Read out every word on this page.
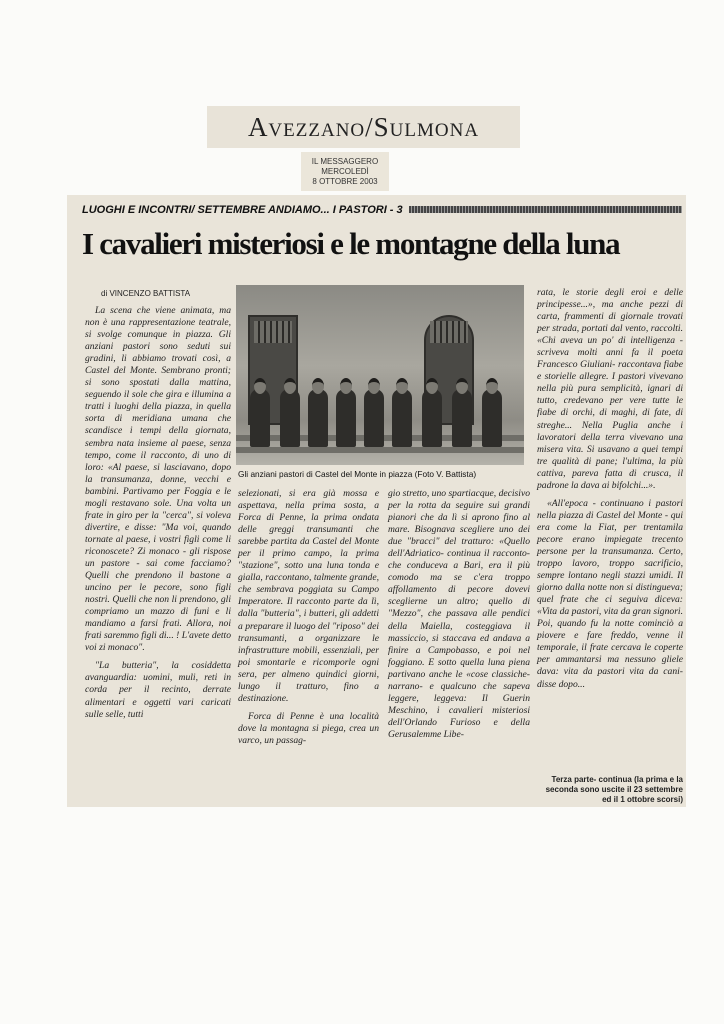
Avezzano/Sulmona
IL MESSAGGERO
MERCOLEDÌ
8 OTTOBRE 2003
LUOGHI E INCONTRI/ SETTEMBRE ANDIAMO... I PASTORI - 3
I cavalieri misteriosi e le montagne della luna
di VINCENZO BATTISTA

La scena che viene animata, ma non è una rappresentazione teatrale, si svolge comunque in piazza. Gli anziani pastori sono seduti sui gradini, li abbiamo trovati così, a Castel del Monte. Sembrano pronti; si sono spostati dalla mattina, seguendo il sole che gira e illumina a tratti i luoghi della piazza, in quella sorta di meridiana umana che scandisce i tempi della giornata, sembra nata insieme al paese, senza tempo, come il racconto, di uno di loro: «Al paese, si lasciavano, dopo la transumanza, donne, vecchi e bambini. Partivamo per Foggia e le mogli restavano sole. Una volta un frate in giro per la "cerca", si voleva divertire, e disse: "Ma voi, quando tornate al paese, i vostri figli come li riconoscete? Zi monaco - gli rispose un pastore - sai come facciamo? Quelli che prendono il bastone a uncino per le pecore, sono figli nostri. Quelli che non li prendono, gli compriamo un mazzo di funi e li mandiamo a farsi frati. Allora, noi frati saremmo figli di... ! L'avete detto voi zi monaco".

"La butteria", la cosiddetta avanguardia: uomini, muli, reti in corda per il recinto, derrate alimentari e oggetti vari caricati sulle selle, tutti

Gli anziani pastori di Castel del Monte in piazza (Foto V. Battista)

selezionati, si era già mossa e aspettava, nella prima sosta, a Forca di Penne, la prima ondata delle greggi transumanti che sarebbe partita da Castel del Monte per il primo campo, la prima "stazione", sotto una luna tonda e gialla, raccontano, talmente grande, che sembrava poggiata su Campo Imperatore. Il racconto parte da lì, dalla "butteria", i butteri, gli addetti a preparare il luogo del "riposo" dei transumanti, a organizzare le infrastrutture mobili, essenziali, per poi smontarle e ricomporle ogni sera, per almeno quindici giorni, lungo il tratturo, fino a destinazione.

Forca di Penne è una località dove la montagna si piega, crea un varco, un passag-

gio stretto, uno spartiacque, decisivo per la rotta da seguire sui grandi pianori che da lì si aprono fino al mare. Bisognava scegliere uno dei due "bracci" del tratturo: «Quello dell'Adriatico- continua il racconto- che conduceva a Bari, era il più comodo ma se c'era troppo affollamento di pecore dovevi sceglierne un altro; quello di "Mezzo", che passava alle pendici della Maiella, costeggiava il massiccio, si staccava ed andava a finire a Campobasso, e poi nel foggiano. E sotto quella luna piena partivano anche le «cose classiche- narrano- e qualcuno che sapeva leggere, leggeva: Il Guerin Meschino, i cavalieri misteriosi dell'Orlando Furioso e della Gerusalemme Libe-

rata, le storie degli eroi e delle principesse...», ma anche pezzi di carta, frammenti di giornale trovati per strada, portati dal vento, raccolti. «Chi aveva un po' di intelligenza - scriveva molti anni fa il poeta Francesco Giuliani- raccontava fiabe e storielle allegre. I pastori vivevano nella più pura semplicità, ignari di tutto, credevano per vere tutte le fiabe di orchi, di maghi, di fate, di streghe... Nella Puglia anche i lavoratori della terra vivevano una misera vita. Si usavano a quei tempi tre qualità di pane; l'ultima, la più cattiva, pareva fatta di crusca, il padrone la dava ai bifolchi...».

«All'epoca - continuano i pastori nella piazza di Castel del Monte - qui era come la Fiat, per trentamila pecore erano impiegate trecento persone per la transumanza. Certo, troppo lavoro, troppo sacrificio, sempre lontano negli stazzi umidi. Il giorno dalla notte non si distingueva; quel frate che ci seguiva diceva: «Vita da pastori, vita da gran signori. Poi, quando fu la notte cominciò a piovere e fare freddo, venne il temporale, il frate cercava le coperte per ammantarsi ma nessuno gliele dava: vita da pastori vita da cani- disse dopo...

Terza parte- continua (la prima e la seconda sono uscite il 23 settembre ed il 1 ottobre scorsi)
